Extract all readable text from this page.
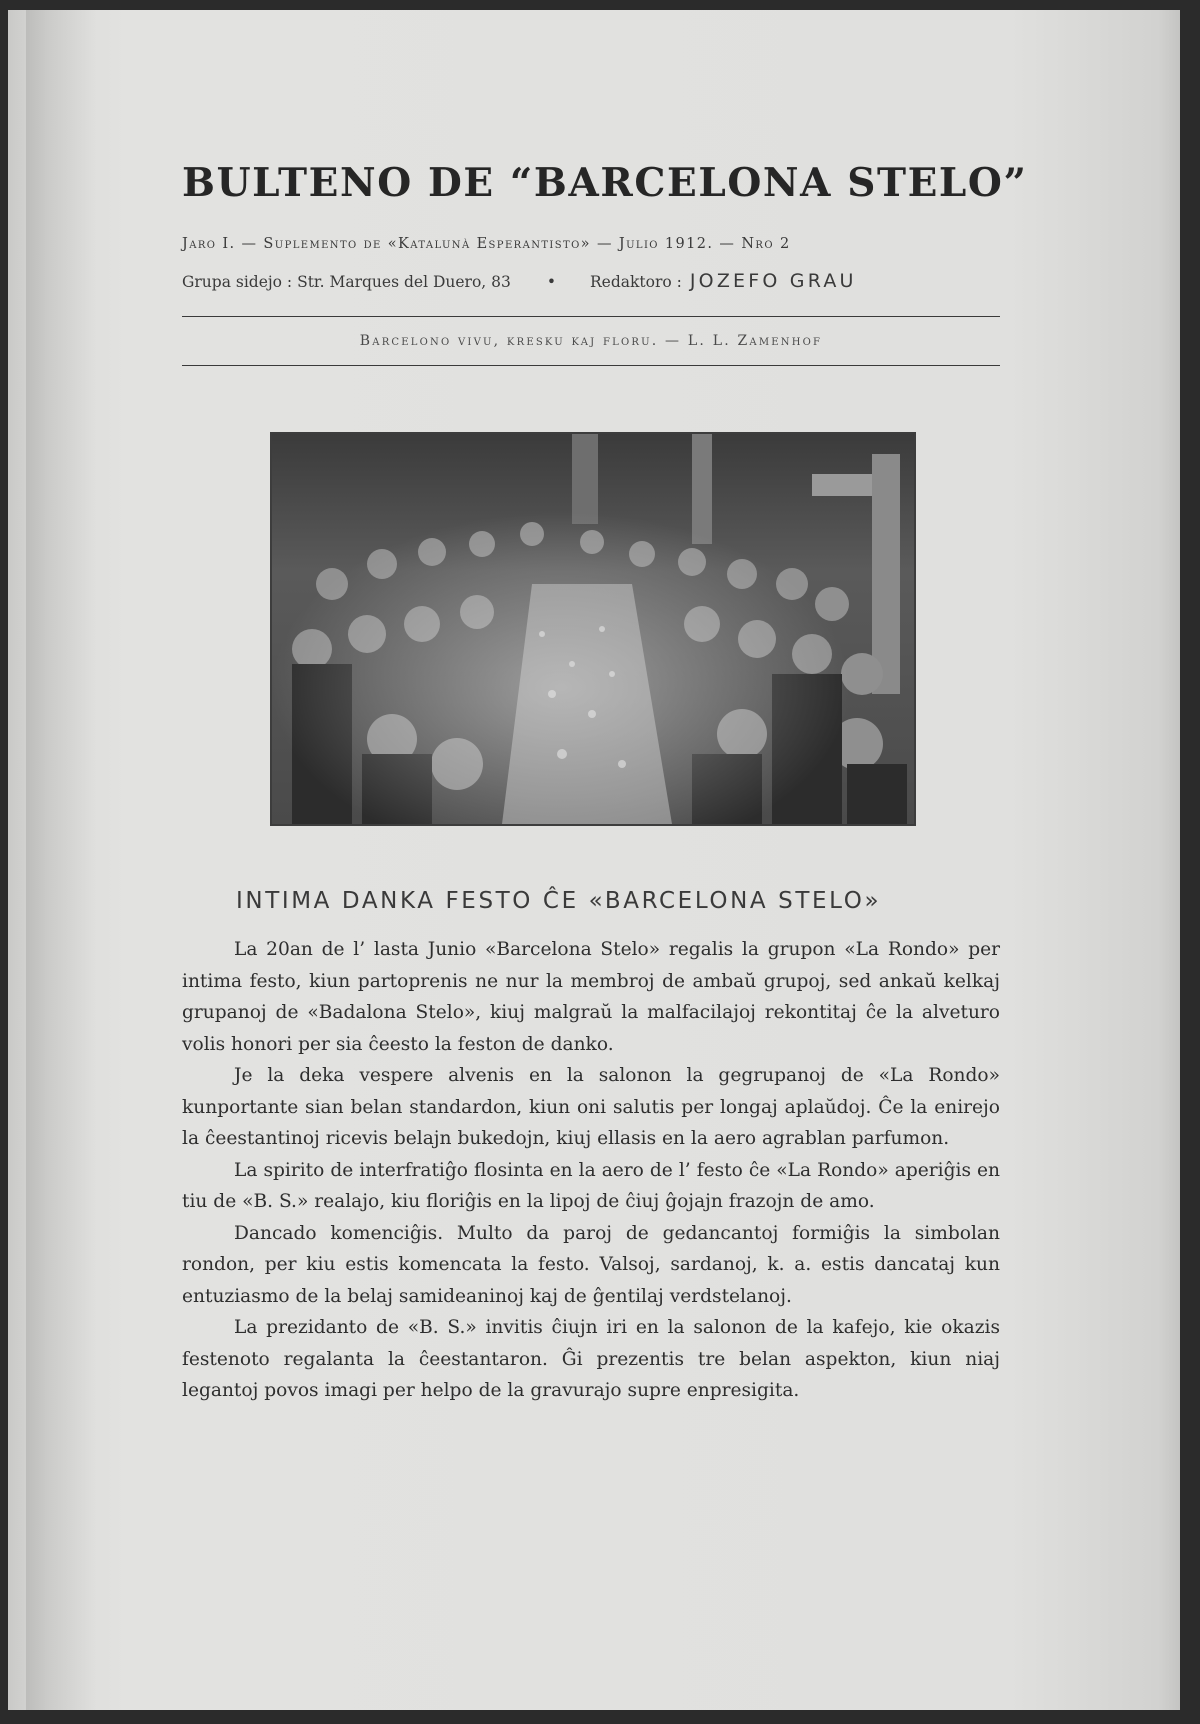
BULTENO DE “BARCELONA STELO”
Jaro I. — Suplemento de «Katalunà Esperantisto» — Julio 1912. — Nro 2
Grupa sidejo : Str. Marques del Duero, 83 • Redaktoro : JOZEFO GRAU
Barcelono vivu, kresku kaj floru. — L. L. Zamenhof
INTIMA DANKA FESTO ĈE «BARCELONA STELO»

La 20an de l’ lasta Junio «Barcelona Stelo» regalis la grupon «La Rondo» per intima festo, kiun partoprenis ne nur la membroj de ambaŭ grupoj, sed ankaŭ kelkaj grupanoj de «Badalona Stelo», kiuj malgraŭ la malfacilajoj rekontitaj ĉe la alveturo volis honori per sia ĉeesto la feston de danko.

Je la deka vespere alvenis en la salonon la gegrupanoj de «La Rondo» kunportante sian belan standardon, kiun oni salutis per longaj aplaŭdoj. Ĉe la enirejo la ĉeestantinoj ricevis belajn bukedojn, kiuj ellasis en la aero agrablan parfumon.

La spirito de interfratiĝo flosinta en la aero de l’ festo ĉe «La Rondo» aperiĝis en tiu de «B. S.» realajo, kiu floriĝis en la lipoj de ĉiuj ĝojajn frazojn de amo.

Dancado komenciĝis. Multo da paroj de gedancantoj formiĝis la simbolan rondon, per kiu estis komencata la festo. Valsoj, sardanoj, k. a. estis dancataj kun entuziasmo de la belaj samideaninoj kaj de ĝentilaj verdstelanoj.

La prezidanto de «B. S.» invitis ĉiujn iri en la salonon de la kafejo, kie okazis festenoto regalanta la ĉeestantaron. Ĝi prezentis tre belan aspekton, kiun niaj legantoj povos imagi per helpo de la gravurajo supre enpresigita.
